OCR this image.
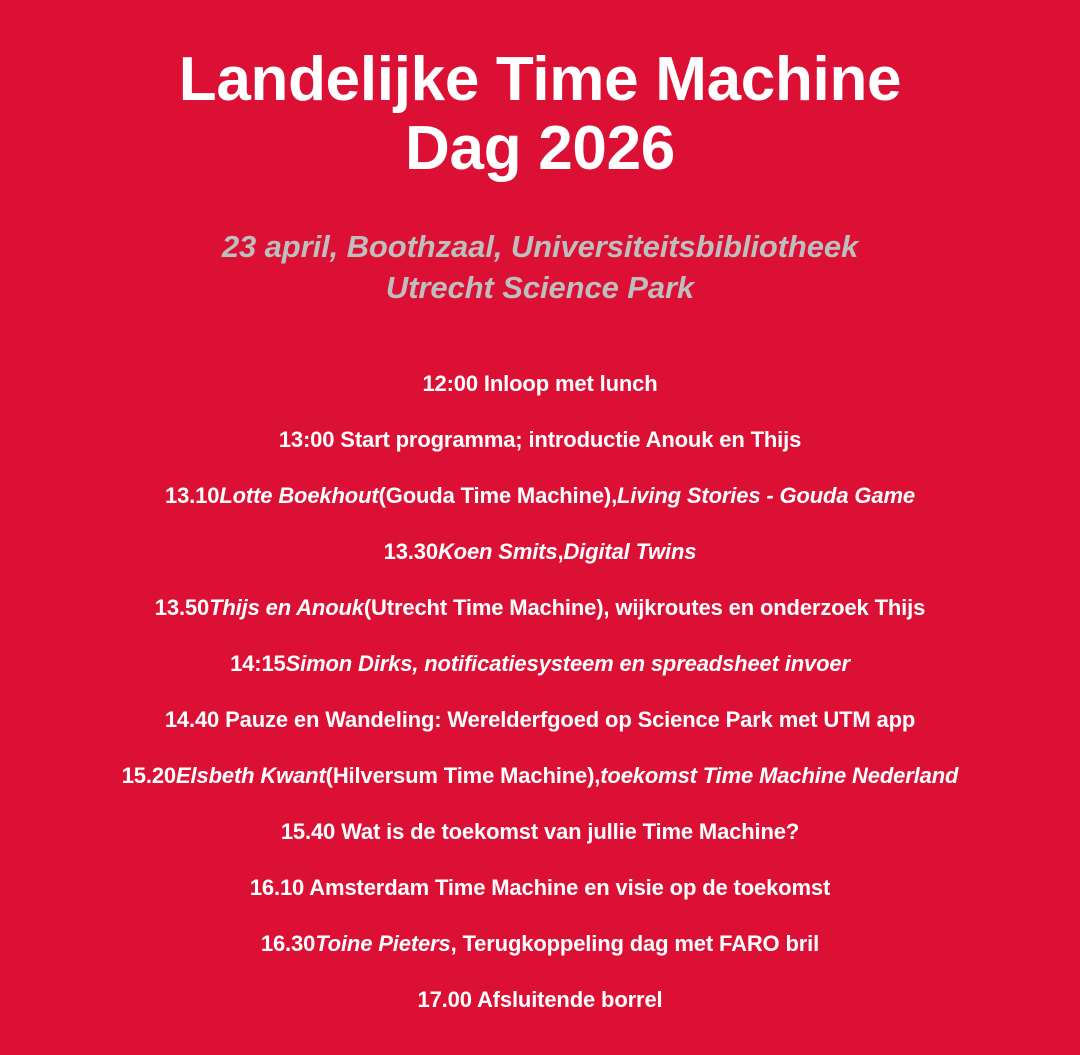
Landelijke Time Machine
Dag 2026
23 april, Boothzaal, Universiteitsbibliotheek
Utrecht Science Park
12:00 Inloop met lunch
13:00 Start programma; introductie Anouk en Thijs
13.10 Lotte Boekhout (Gouda Time Machine), Living Stories - Gouda Game
13.30 Koen Smits , Digital Twins
13.50 Thijs en Anouk (Utrecht Time Machine), wijkroutes en onderzoek Thijs
14:15 Simon Dirks, notificatiesysteem en spreadsheet invoer
14.40 Pauze en Wandeling: Werelderfgoed op Science Park met UTM app
15.20 Elsbeth Kwant (Hilversum Time Machine), toekomst Time Machine Nederland
15.40 Wat is de toekomst van jullie Time Machine?
16.10 Amsterdam Time Machine en visie op de toekomst
16.30 Toine Pieters , Terugkoppeling dag met FARO bril
17.00 Afsluitende borrel
